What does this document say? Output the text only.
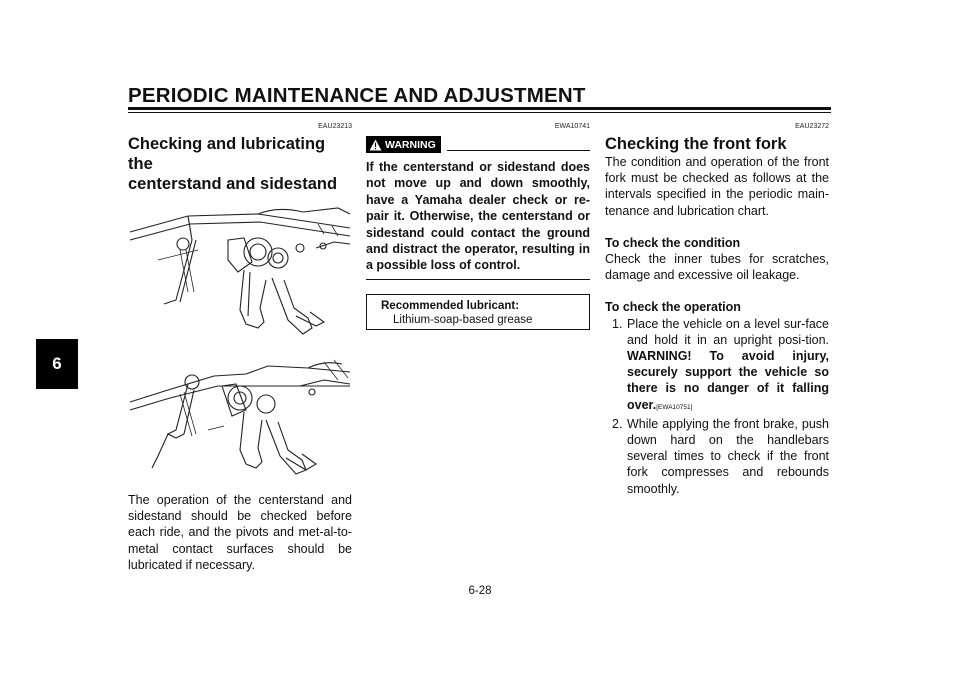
PERIODIC MAINTENANCE AND ADJUSTMENT
6
EAU23213
Checking and lubricating the
centerstand and sidestand

The operation of the centerstand and sidestand should be checked before each ride, and the pivots and met-al-to-metal contact surfaces should be lubricated if necessary.

EWA10741
WARNING

If the centerstand or sidestand does not move up and down smoothly, have a Yamaha dealer check or re-pair it. Otherwise, the centerstand or sidestand could contact the ground and distract the operator, resulting in a possible loss of control.

Recommended lubricant:
Lithium-soap-based grease
EAU23272
Checking the front fork

The condition and operation of the front fork must be checked as follows at the intervals specified in the periodic main-tenance and lubrication chart.

To check the condition

Check the inner tubes for scratches, damage and excessive oil leakage.

To check the operation
1. Place the vehicle on a level sur-face and hold it in an upright posi-tion. WARNING! To avoid injury, securely support the vehicle so there is no danger of it falling over.[EWA10751]
2. While applying the front brake, push down hard on the handlebars several times to check if the front fork compresses and rebounds smoothly.
6-28
